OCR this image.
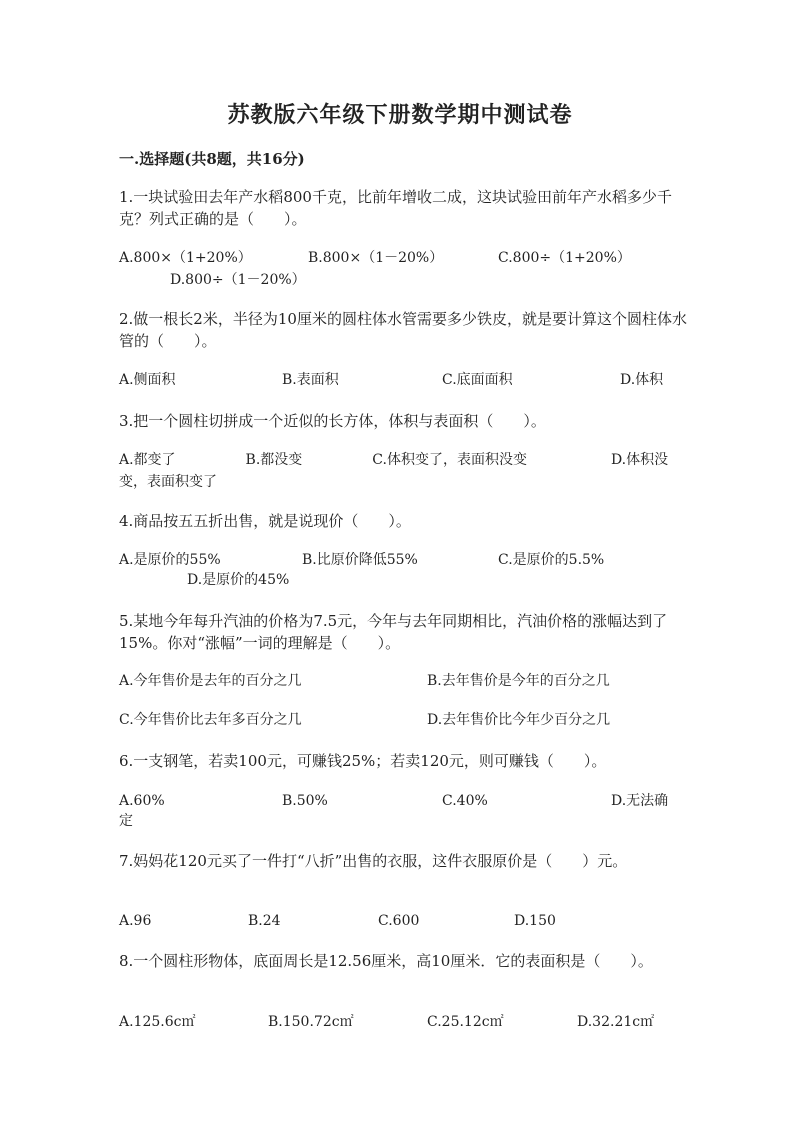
苏教版六年级下册数学期中测试卷
一.选择题(共8题，共16分)
1.一块试验田去年产水稻800千克，比前年增收二成，这块试验田前年产水稻多少千克？列式正确的是（　　）。
A.800×（1+20%）	B.800×（1－20%）	C.800÷（1+20%）
D.800÷（1－20%）
2.做一根长2米，半径为10厘米的圆柱体水管需要多少铁皮，就是要计算这个圆柱体水管的（　　）。
A.侧面积	B.表面积	C.底面面积	D.体积
3.把一个圆柱切拼成一个近似的长方体，体积与表面积（　　）。
A.都变了　　　　　B.都没变　　　　　C.体积变了，表面积没变　　　　　　D.体积没变，表面积变了
4.商品按五五折出售，就是说现价（　　）。
A.是原价的55%	B.比原价降低55%	C.是原价的5.5%
D.是原价的45%
5.某地今年每升汽油的价格为7.5元，今年与去年同期相比，汽油价格的涨幅达到了15%。你对“涨幅”一词的理解是（　　）。
A.今年售价是去年的百分之几	B.去年售价是今年的百分之几
C.今年售价比去年多百分之几	D.去年售价比今年少百分之几
6.一支钢笔，若卖100元，可赚钱25%；若卖120元，则可赚钱（　　）。
A.60%	B.50%	C.40%	D.无法确
定
7.妈妈花120元买了一件打“八折”出售的衣服，这件衣服原价是（　　）元。
A.96	B.24	C.600	D.150
8.一个圆柱形物体，底面周长是12.56厘米，高10厘米．它的表面积是（　　）。
A.125.6c㎡	B.150.72c㎡	C.25.12c㎡	D.32.21c㎡
